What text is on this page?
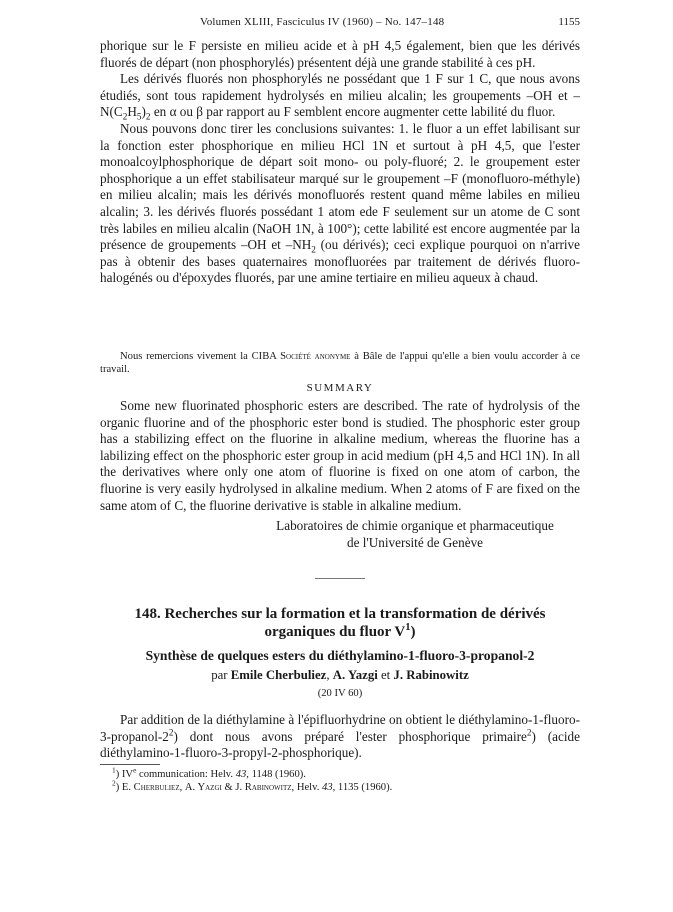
Volumen XLIII, Fasciculus IV (1960) – No. 147–148	1155

phorique sur le F persiste en milieu acide et à pH 4,5 également, bien que les dérivés fluorés de départ (non phosphorylés) présentent déjà une grande stabilité à ces pH.

Les dérivés fluorés non phosphorylés ne possédant que 1 F sur 1 C, que nous avons étudiés, sont tous rapidement hydrolysés en milieu alcalin; les groupements –OH et $-N(C_2H_5)_2$ en α ou β par rapport au F semblent encore augmenter cette labilité du fluor.

Nous pouvons donc tirer les conclusions suivantes: 1. le fluor a un effet labilisant sur la fonction ester phosphorique en milieu HCl 1N et surtout à pH 4,5, que l'ester monoalcoylphosphorique de départ soit mono- ou poly-fluoré; 2. le groupement ester phosphorique a un effet stabilisateur marqué sur le groupement –F (monofluoro-méthyle) en milieu alcalin; mais les dérivés monofluorés restent quand même labiles en milieu alcalin; 3. les dérivés fluorés possédant 1 atom ede F seulement sur un atome de C sont très labiles en milieu alcalin (NaOH 1N, à 100°); cette labilité est encore augmentée par la présence de groupements –OH et $-NH_2$ (ou dérivés); ceci explique pourquoi on n'arrive pas à obtenir des bases quaternaires monofluorées par traitement de dérivés fluoro-halogénés ou d'époxydes fluorés, par une amine tertiaire en milieu aqueux à chaud.

Nous remercions vivement la CIBA Société anonyme à Bâle de l'appui qu'elle a bien voulu accorder à ce travail.
SUMMARY

Some new fluorinated phosphoric esters are described. The rate of hydrolysis of the organic fluorine and of the phosphoric ester bond is studied. The phosphoric ester group has a stabilizing effect on the fluorine in alkaline medium, whereas the fluorine has a labilizing effect on the phosphoric ester group in acid medium (pH 4,5 and HCl 1N). In all the derivatives where only one atom of fluorine is fixed on one atom of carbon, the fluorine is very easily hydrolysed in alkaline medium. When 2 atoms of F are fixed on the same atom of C, the fluorine derivative is stable in alkaline medium.

Laboratoires de chimie organique et pharmaceutique
de l'Université de Genève
148. Recherches sur la formation et la transformation de dérivés
organiques du fluor $V^1$)
Synthèse de quelques esters du diéthylamino-1-fluoro-3-propanol-2
par Emile Cherbuliez, A. Yazgi et J. Rabinowitz
(20 IV 60)

Par addition de la diéthylamine à l'épifluorhydrine on obtient le diéthylamino-$1-fluoro-3-propanol-2^2$) dont nous avons préparé l'ester phosphorique primaire$^2$) (acide diéthylamino-1-fluoro-3-propyl-2-phosphorique).

$^1$) IVe communication: Helv. 43, 1148 (1960).
$^2$) E. Cherbuliez, A. Yazgi & J. Rabinowitz, Helv. 43, 1135 (1960).
